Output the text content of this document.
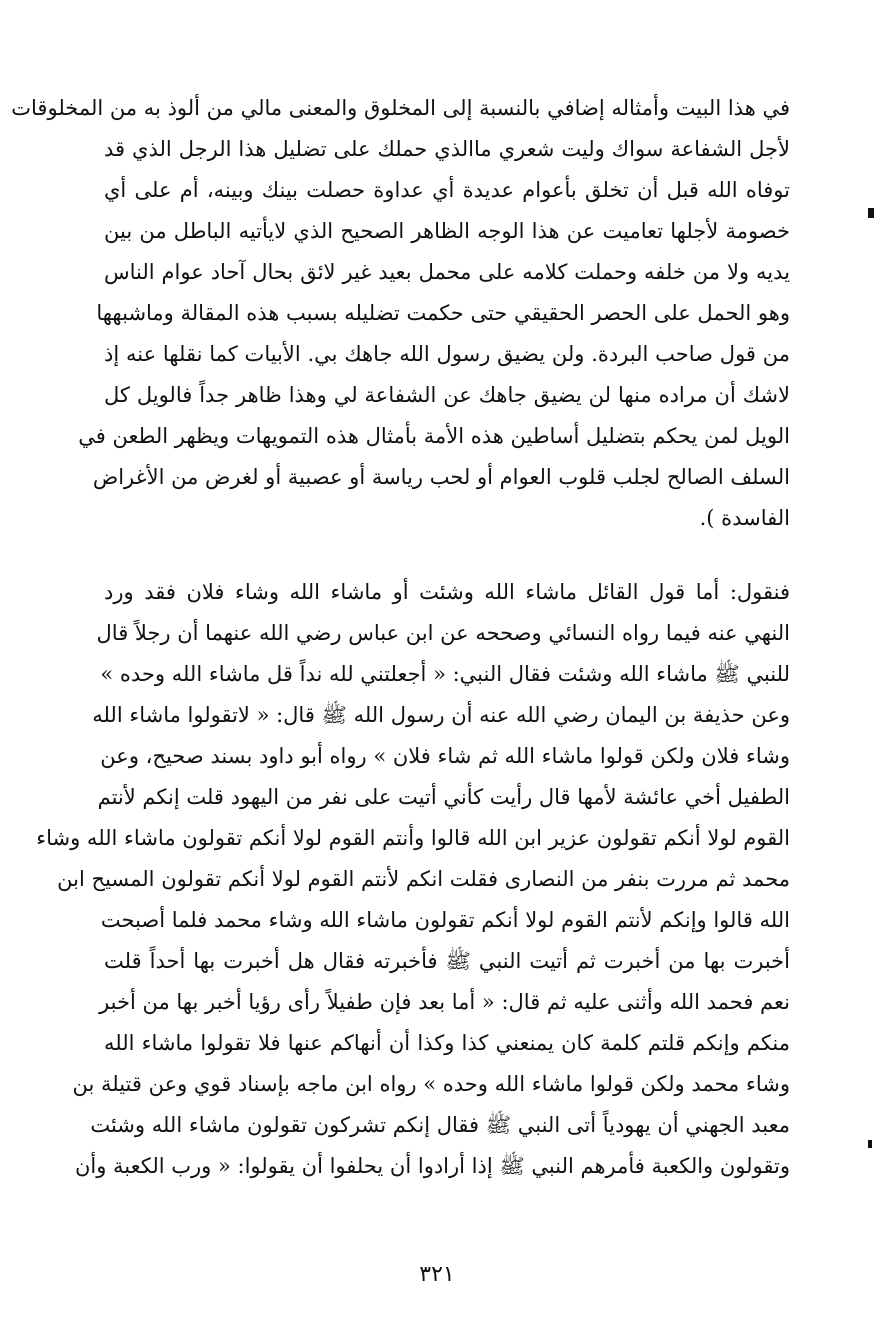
في هذا البيت وأمثاله إضافي بالنسبة إلى المخلوق والمعنى مالي من ألوذ به من المخلوقات
لأجل الشفاعة سواك وليت شعري ماالذي حملك على تضليل هذا الرجل الذي قد
توفاه الله قبل أن تخلق بأعوام عديدة أي عداوة حصلت بينك وبينه، أم على أي
خصومة لأجلها تعاميت عن هذا الوجه الظاهر الصحيح الذي لايأتيه الباطل من بين
يديه ولا من خلفه وحملت كلامه على محمل بعيد غير لائق بحال آحاد عوام الناس
وهو الحمل على الحصر الحقيقي حتى حكمت تضليله بسبب هذه المقالة وماشبهها
من قول صاحب البردة. ولن يضيق رسول الله جاهك بي. الأبيات كما نقلها عنه إذ
لاشك أن مراده منها لن يضيق جاهك عن الشفاعة لي وهذا ظاهر جداً فالويل كل
الويل لمن يحكم بتضليل أساطين هذه الأمة بأمثال هذه التمويهات ويظهر الطعن في
السلف الصالح لجلب قلوب العوام أو لحب رياسة أو عصبية أو لغرض من الأغراض
الفاسدة ).
فنقول: أما قول القائل ماشاء الله وشئت أو ماشاء الله وشاء فلان فقد ورد
النهي عنه فيما رواه النسائي وصححه عن ابن عباس رضي الله عنهما أن رجلاً قال
للنبي ﷺ ماشاء الله وشئت فقال النبي: « أجعلتني لله نداً قل ماشاء الله وحده »
وعن حذيفة بن اليمان رضي الله عنه أن رسول الله ﷺ قال: « لاتقولوا ماشاء الله
وشاء فلان ولكن قولوا ماشاء الله ثم شاء فلان » رواه أبو داود بسند صحيح، وعن
الطفيل أخي عائشة لأمها قال رأيت كأني أتيت على نفر من اليهود قلت إنكم لأنتم
القوم لولا أنكم تقولون عزير ابن الله قالوا وأنتم القوم لولا أنكم تقولون ماشاء الله وشاء
محمد ثم مررت بنفر من النصارى فقلت انكم لأنتم القوم لولا أنكم تقولون المسيح ابن
الله قالوا وإنكم لأنتم القوم لولا أنكم تقولون ماشاء الله وشاء محمد فلما أصبحت
أخبرت بها من أخبرت ثم أتيت النبي ﷺ فأخبرته فقال هل أخبرت بها أحداً قلت
نعم فحمد الله وأثنى عليه ثم قال: « أما بعد فإن طفيلاً رأى رؤيا أخبر بها من أخبر
منكم وإنكم قلتم كلمة كان يمنعني كذا وكذا أن أنهاكم عنها فلا تقولوا ماشاء الله
وشاء محمد ولكن قولوا ماشاء الله وحده » رواه ابن ماجه بإسناد قوي وعن قتيلة بن
معبد الجهني أن يهودياً أتى النبي ﷺ فقال إنكم تشركون تقولون ماشاء الله وشئت
وتقولون والكعبة فأمرهم النبي ﷺ إذا أرادوا أن يحلفوا أن يقولوا: « ورب الكعبة وأن
٣٢١
